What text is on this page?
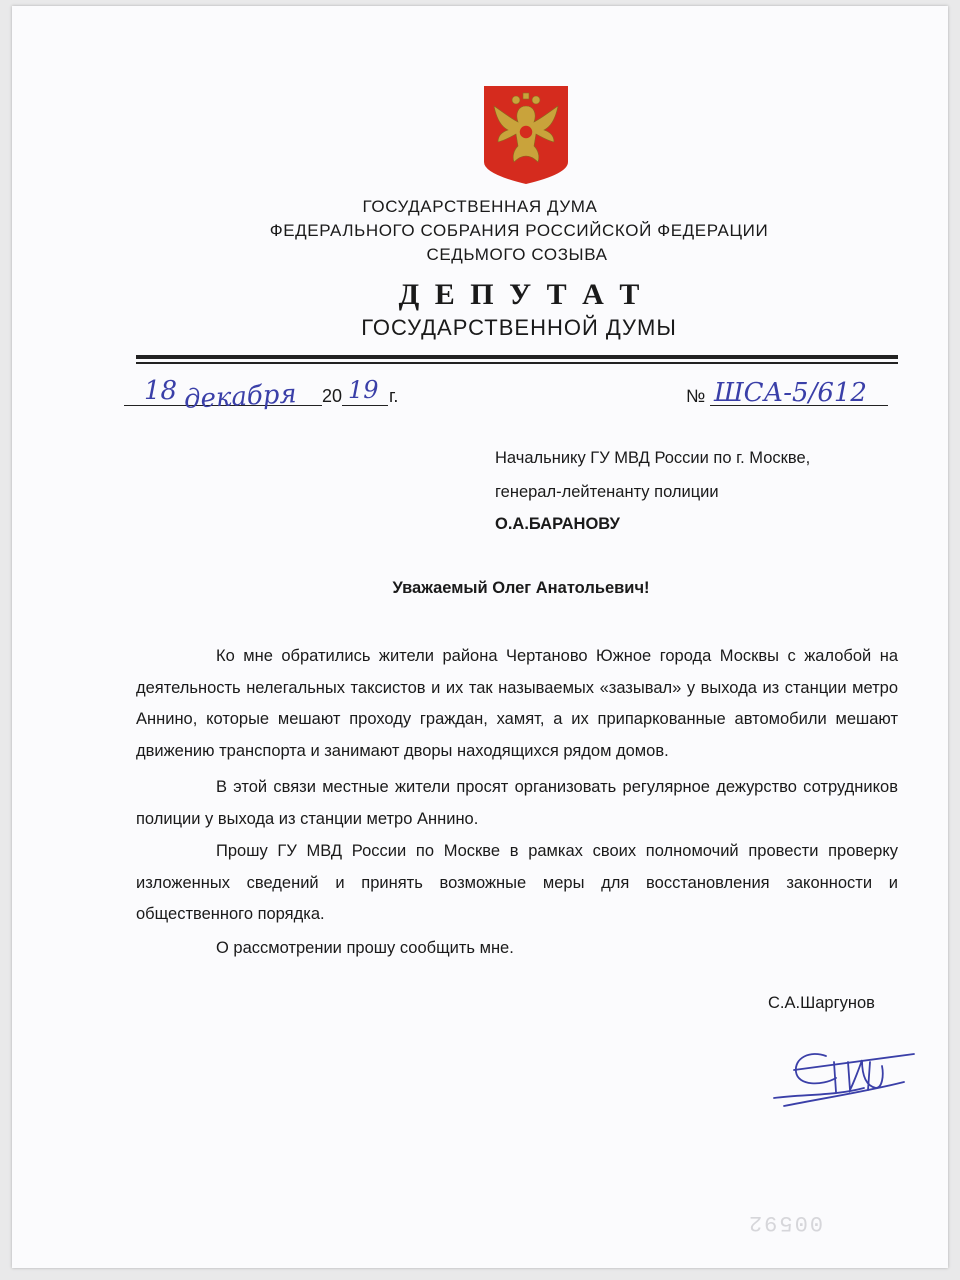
ГОСУДАРСТВЕННАЯ ДУМА
ФЕДЕРАЛЬНОГО СОБРАНИЯ РОССИЙСКОЙ ФЕДЕРАЦИИ
СЕДЬМОГО СОЗЫВА
Д Е П У Т А Т
ГОСУДАРСТВЕННОЙ ДУМЫ
18 декабря 20 19 г.	№ ШСА-5/612
Начальнику ГУ МВД России по г. Москве,
генерал-лейтенанту полиции
О.А.БАРАНОВУ
Уважаемый Олег Анатольевич!
Ко мне обратились жители района Чертаново Южное города Москвы с жалобой на деятельность нелегальных таксистов и их так называемых «зазывал» у выхода из станции метро Аннино, которые мешают проходу граждан, хамят, а их припаркованные автомобили мешают движению транспорта и занимают дворы находящихся рядом домов.
В этой связи местные жители просят организовать регулярное дежурство сотрудников полиции у выхода из станции метро Аннино.
Прошу ГУ МВД России по Москве в рамках своих полномочий провести проверку изложенных сведений и принять возможные меры для восстановления законности и общественного порядка.
О рассмотрении прошу сообщить мне.
С.А.Шаргунов
00592
